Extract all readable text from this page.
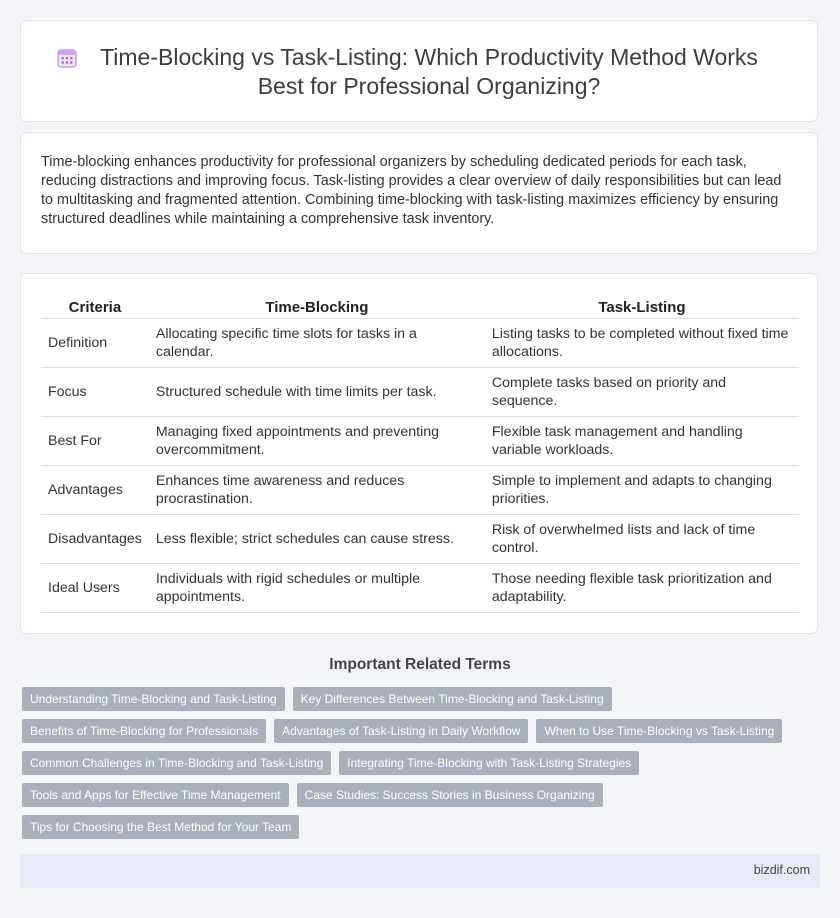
Time-Blocking vs Task-Listing: Which Productivity Method Works Best for Professional Organizing?

Time-blocking enhances productivity for professional organizers by scheduling dedicated periods for each task, reducing distractions and improving focus. Task-listing provides a clear overview of daily responsibilities but can lead to multitasking and fragmented attention. Combining time-blocking with task-listing maximizes efficiency by ensuring structured deadlines while maintaining a comprehensive task inventory.

Criteria	Time-Blocking	Task-Listing
Definition	Allocating specific time slots for tasks in a calendar.	Listing tasks to be completed without fixed time allocations.
Focus	Structured schedule with time limits per task.	Complete tasks based on priority and sequence.
Best For	Managing fixed appointments and preventing overcommitment.	Flexible task management and handling variable workloads.
Advantages	Enhances time awareness and reduces procrastination.	Simple to implement and adapts to changing priorities.
Disadvantages	Less flexible; strict schedules can cause stress.	Risk of overwhelmed lists and lack of time control.
Ideal Users	Individuals with rigid schedules or multiple appointments.	Those needing flexible task prioritization and adaptability.
Important Related Terms
Understanding Time-Blocking and Task-Listing	Key Differences Between Time-Blocking and Task-Listing
Benefits of Time-Blocking for Professionals	Advantages of Task-Listing in Daily Workflow	When to Use Time-Blocking vs Task-Listing
Common Challenges in Time-Blocking and Task-Listing	Integrating Time-Blocking with Task-Listing Strategies
Tools and Apps for Effective Time Management	Case Studies: Success Stories in Business Organizing
Tips for Choosing the Best Method for Your Team
bizdif.com
